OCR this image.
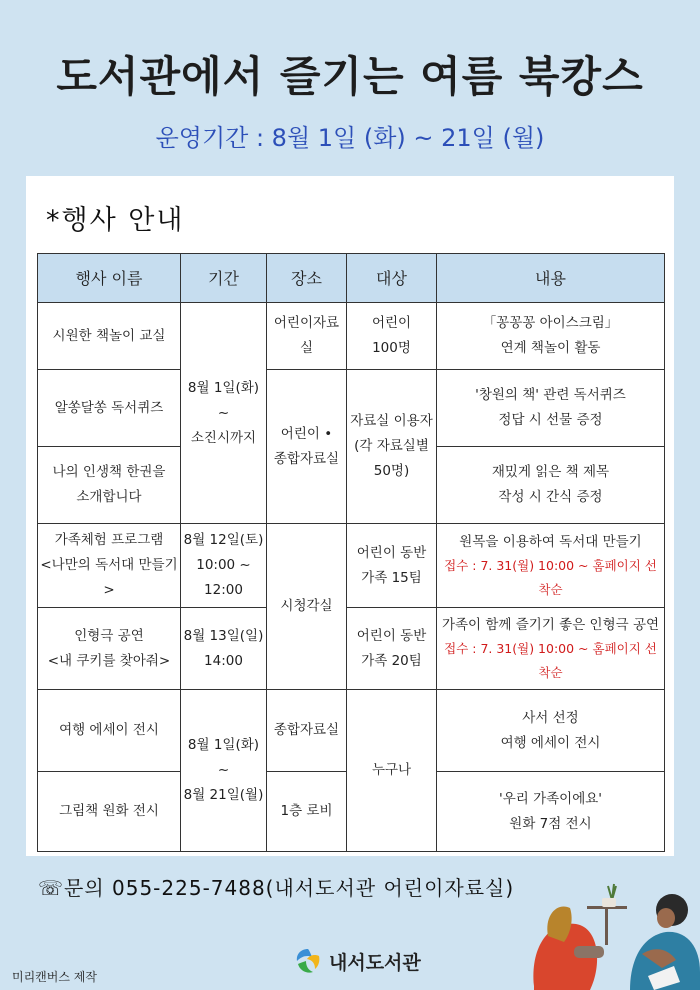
도서관에서 즐기는 여름 북캉스
운영기간 : 8월 1일 (화) ~ 21일 (월)
*행사 안내
행사 이름	기간	장소	대상	내용

시원한 책놀이 교실	8월 1일(화)
~
소진시까지	어린이자료실	어린이
100명	「꽁꽁꽁 아이스크림」
연계 책놀이 활동

알쏭달쏭 독서퀴즈		어린이 •
종합자료실	자료실 이용자
(각 자료실별
50명)	'창원의 책' 관련 독서퀴즈
정답 시 선물 증정

나의 인생책 한권을
소개합니다				재밌게 읽은 책 제목
작성 시 간식 증정

가족체험 프로그램
<나만의 독서대 만들기>	8월 12일(토)
10:00 ~ 12:00	시청각실	어린이 동반
가족 15팀	원목을 이용하여 독서대 만들기
접수 : 7. 31(월) 10:00 ~ 홈페이지 선착순

인형극 공연
<내 쿠키를 찾아줘>	8월 13일(일)
14:00		어린이 동반
가족 20팀	가족이 함께 즐기기 좋은 인형극 공연
접수 : 7. 31(월) 10:00 ~ 홈페이지 선착순

여행 에세이 전시	8월 1일(화) ~
8월 21일(월)	종합자료실	누구나	사서 선정
여행 에세이 전시

그림책 원화 전시		1층 로비		'우리 가족이에요'
원화 7점 전시
☏문의 055-225-7488(내서도서관 어린이자료실)
내서도서관
미리캔버스 제작
